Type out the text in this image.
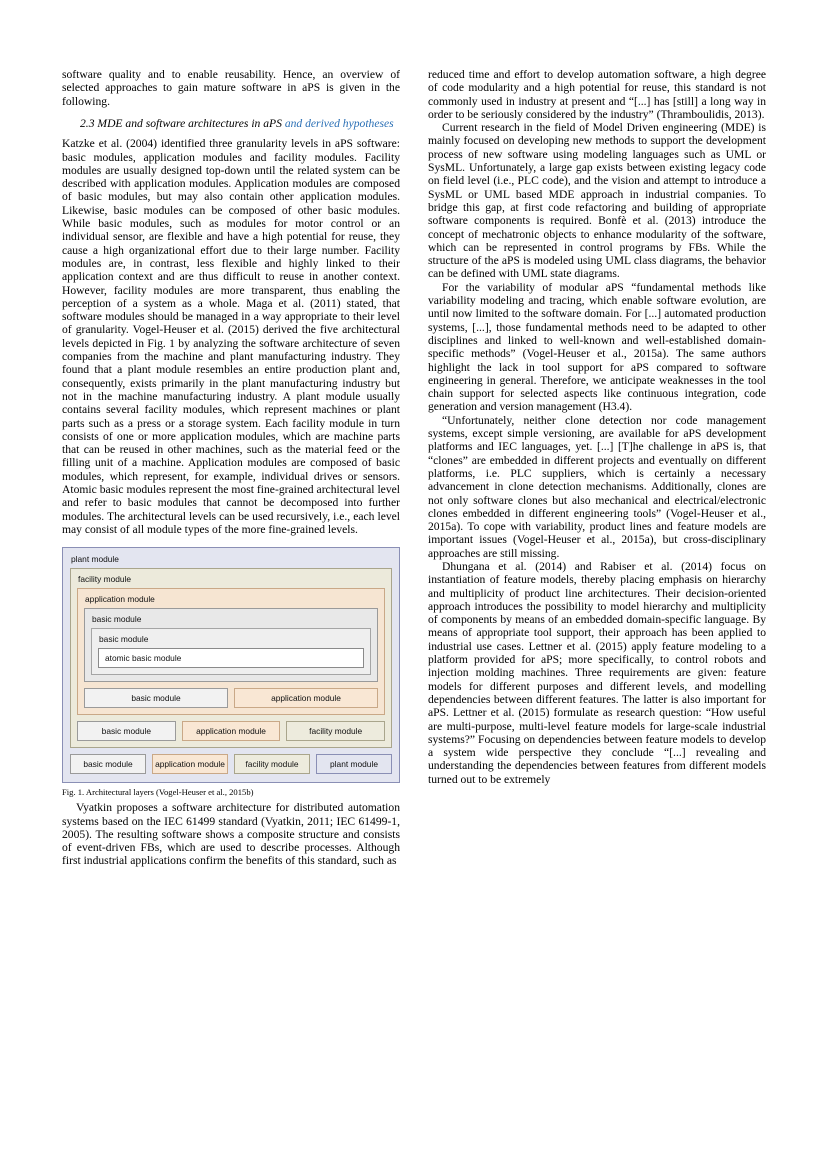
software quality and to enable reusability. Hence, an overview of selected approaches to gain mature software in aPS is given in the following.

2.3 MDE and software architectures in aPS and derived hypotheses

Katzke et al. (2004) identified three granularity levels in aPS software: basic modules, application modules and facility modules. Facility modules are usually designed top-down until the related system can be described with application modules. Application modules are composed of basic modules, but may also contain other application modules. Likewise, basic modules can be composed of other basic modules. While basic modules, such as modules for motor control or an individual sensor, are flexible and have a high potential for reuse, they cause a high organizational effort due to their large number. Facility modules are, in contrast, less flexible and highly linked to their application context and are thus difficult to reuse in another context. However, facility modules are more transparent, thus enabling the perception of a system as a whole. Maga et al. (2011) stated, that software modules should be managed in a way appropriate to their level of granularity. Vogel-Heuser et al. (2015) derived the five architectural levels depicted in Fig. 1 by analyzing the software architecture of seven companies from the machine and plant manufacturing industry. They found that a plant module resembles an entire production plant and, consequently, exists primarily in the plant manufacturing industry but not in the machine manufacturing industry. A plant module usually contains several facility modules, which represent machines or plant parts such as a press or a storage system. Each facility module in turn consists of one or more application modules, which are machine parts that can be reused in other machines, such as the material feed or the filling unit of a machine. Application modules are composed of basic modules, which represent, for example, individual drives or sensors. Atomic basic modules represent the most fine-grained architectural level and refer to basic modules that cannot be decomposed into further modules. The architectural levels can be used recursively, i.e., each level may consist of all module types of the more fine-grained levels.

plant module
facility module
application module
basic module
basic module
atomic basic module
basic module	application module
basic module	application module	facility module
basic module	application module	facility module	plant module
Fig. 1. Architectural layers (Vogel-Heuser et al., 2015b)

Vyatkin proposes a software architecture for distributed automation systems based on the IEC 61499 standard (Vyatkin, 2011; IEC 61499-1, 2005). The resulting software shows a composite structure and consists of event-driven FBs, which are used to describe processes. Although first industrial applications confirm the benefits of this standard, such as

reduced time and effort to develop automation software, a high degree of code modularity and a high potential for reuse, this standard is not commonly used in industry at present and “[...] has [still] a long way in order to be seriously considered by the industry” (Thramboulidis, 2013).

Current research in the field of Model Driven engineering (MDE) is mainly focused on developing new methods to support the development process of new software using modeling languages such as UML or SysML. Unfortunately, a large gap exists between existing legacy code on field level (i.e., PLC code), and the vision and attempt to introduce a SysML or UML based MDE approach in industrial companies. To bridge this gap, at first code refactoring and building of appropriate software components is required. Bonfè et al. (2013) introduce the concept of mechatronic objects to enhance modularity of the software, which can be represented in control programs by FBs. While the structure of the aPS is modeled using UML class diagrams, the behavior can be defined with UML state diagrams.

For the variability of modular aPS “fundamental methods like variability modeling and tracing, which enable software evolution, are until now limited to the software domain. For [...] automated production systems, [...], those fundamental methods need to be adapted to other disciplines and linked to well-known and well-established domain-specific methods” (Vogel-Heuser et al., 2015a). The same authors highlight the lack in tool support for aPS compared to software engineering in general. Therefore, we anticipate weaknesses in the tool chain support for selected aspects like continuous integration, code generation and version management (H3.4).

“Unfortunately, neither clone detection nor code management systems, except simple versioning, are available for aPS development platforms and IEC languages, yet. [...] [T]he challenge in aPS is, that “clones” are embedded in different projects and eventually on different platforms, i.e. PLC suppliers, which is certainly a necessary advancement in clone detection mechanisms. Additionally, clones are not only software clones but also mechanical and electrical/electronic clones embedded in different engineering tools” (Vogel-Heuser et al., 2015a). To cope with variability, product lines and feature models are important issues (Vogel-Heuser et al., 2015a), but cross-disciplinary approaches are still missing.

Dhungana et al. (2014) and Rabiser et al. (2014) focus on instantiation of feature models, thereby placing emphasis on hierarchy and multiplicity of product line architectures. Their decision-oriented approach introduces the possibility to model hierarchy and multiplicity of components by means of an embedded domain-specific language. By means of appropriate tool support, their approach has been applied to industrial use cases. Lettner et al. (2015) apply feature modeling to a platform provided for aPS; more specifically, to control robots and injection molding machines. Three requirements are given: feature models for different purposes and different levels, and modelling dependencies between different features. The latter is also important for aPS. Lettner et al. (2015) formulate as research question: “How useful are multi-purpose, multi-level feature models for large-scale industrial systems?” Focusing on dependencies between feature models to develop a system wide perspective they conclude “[...] revealing and understanding the dependencies between features from different models turned out to be extremely
